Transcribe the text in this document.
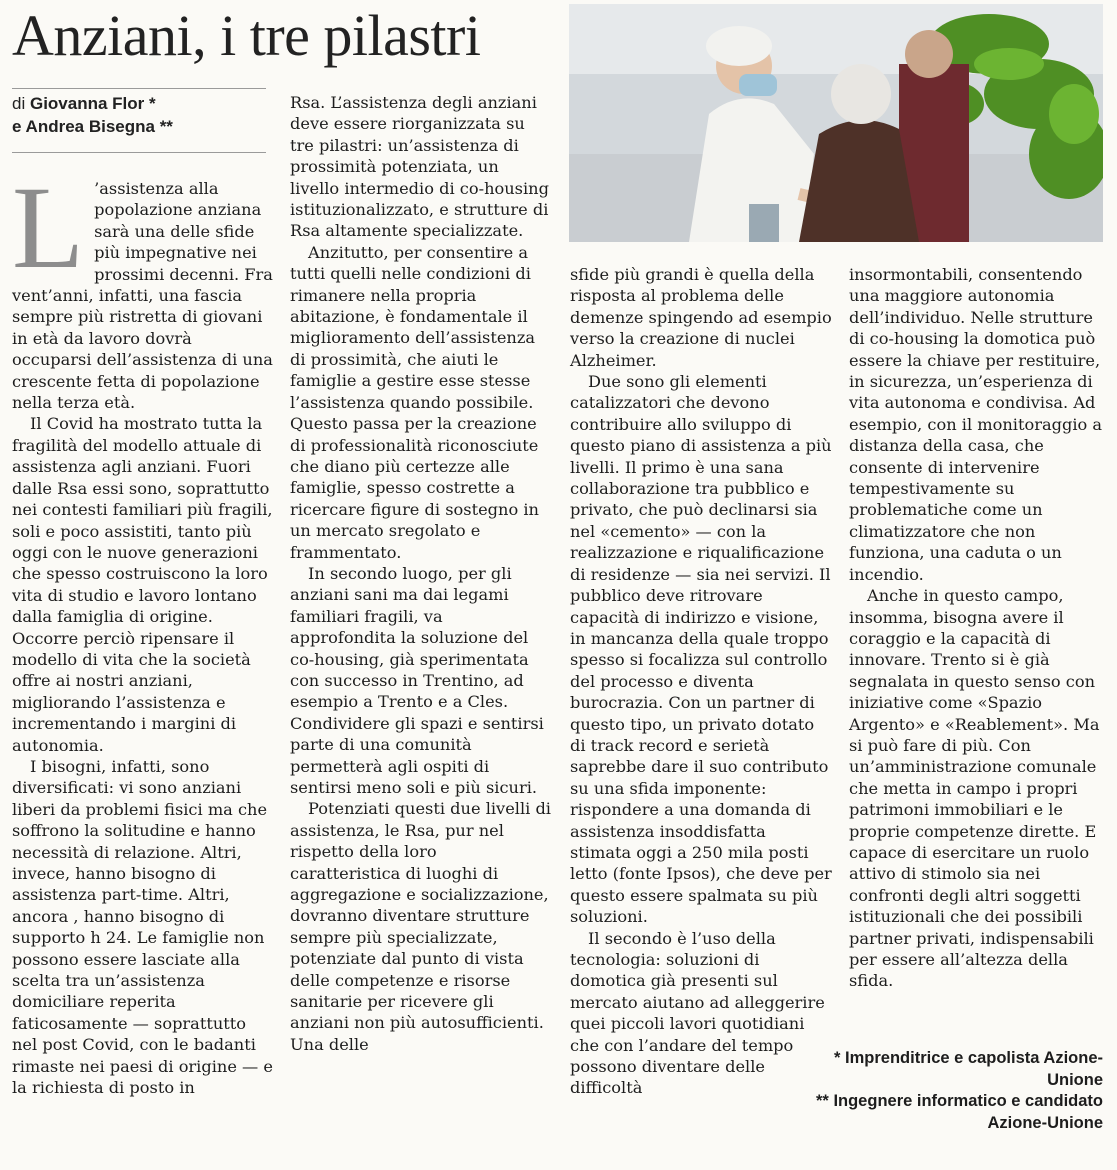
Anziani, i tre pilastri
di Giovanna Flor *
e Andrea Bisegna **
L ’assistenza alla popolazione anziana sarà una delle sfide più impegnative nei prossimi decenni. Fra vent’anni, infatti, una fascia sempre più ristretta di giovani in età da lavoro dovrà occuparsi dell’assistenza di una crescente fetta di popolazione nella terza età.

Il Covid ha mostrato tutta la fragilità del modello attuale di assistenza agli anziani. Fuori dalle Rsa essi sono, soprattutto nei contesti familiari più fragili, soli e poco assistiti, tanto più oggi con le nuove generazioni che spesso costruiscono la loro vita di studio e lavoro lontano dalla famiglia di origine. Occorre perciò ripensare il modello di vita che la società offre ai nostri anziani, migliorando l’assistenza e incrementando i margini di autonomia.

I bisogni, infatti, sono diversificati: vi sono anziani liberi da problemi fisici ma che soffrono la solitudine e hanno necessità di relazione. Altri, invece, hanno bisogno di assistenza part-time. Altri, ancora , hanno bisogno di supporto h 24. Le famiglie non possono essere lasciate alla scelta tra un’assistenza domiciliare reperita faticosamente — soprattutto nel post Covid, con le badanti rimaste nei paesi di origine — e la richiesta di posto in

Rsa. L’assistenza degli anziani deve essere riorganizzata su tre pilastri: un’assistenza di prossimità potenziata, un livello intermedio di co-housing istituzionalizzato, e strutture di Rsa altamente specializzate.

Anzitutto, per consentire a tutti quelli nelle condizioni di rimanere nella propria abitazione, è fondamentale il miglioramento dell’assistenza di prossimità, che aiuti le famiglie a gestire esse stesse l’assistenza quando possibile. Questo passa per la creazione di professionalità riconosciute che diano più certezze alle famiglie, spesso costrette a ricercare figure di sostegno in un mercato sregolato e frammentato.

In secondo luogo, per gli anziani sani ma dai legami familiari fragili, va approfondita la soluzione del co-housing, già sperimentata con successo in Trentino, ad esempio a Trento e a Cles. Condividere gli spazi e sentirsi parte di una comunità permetterà agli ospiti di sentirsi meno soli e più sicuri.

Potenziati questi due livelli di assistenza, le Rsa, pur nel rispetto della loro caratteristica di luoghi di aggregazione e socializzazione, dovranno diventare strutture sempre più specializzate, potenziate dal punto di vista delle competenze e risorse sanitarie per ricevere gli anziani non più autosufficienti. Una delle

sfide più grandi è quella della risposta al problema delle demenze spingendo ad esempio verso la creazione di nuclei Alzheimer.

Due sono gli elementi catalizzatori che devono contribuire allo sviluppo di questo piano di assistenza a più livelli. Il primo è una sana collaborazione tra pubblico e privato, che può declinarsi sia nel «cemento» — con la realizzazione e riqualificazione di residenze — sia nei servizi. Il pubblico deve ritrovare capacità di indirizzo e visione, in mancanza della quale troppo spesso si focalizza sul controllo del processo e diventa burocrazia. Con un partner di questo tipo, un privato dotato di track record e serietà saprebbe dare il suo contributo su una sfida imponente: rispondere a una domanda di assistenza insoddisfatta stimata oggi a 250 mila posti letto (fonte Ipsos), che deve per questo essere spalmata su più soluzioni.

Il secondo è l’uso della tecnologia: soluzioni di domotica già presenti sul mercato aiutano ad alleggerire quei piccoli lavori quotidiani che con l’andare del tempo possono diventare delle difficoltà

insormontabili, consentendo una maggiore autonomia dell’individuo. Nelle strutture di co-housing la domotica può essere la chiave per restituire, in sicurezza, un’esperienza di vita autonoma e condivisa. Ad esempio, con il monitoraggio a distanza della casa, che consente di intervenire tempestivamente su problematiche come un climatizzatore che non funziona, una caduta o un incendio.

Anche in questo campo, insomma, bisogna avere il coraggio e la capacità di innovare. Trento si è già segnalata in questo senso con iniziative come «Spazio Argento» e «Reablement». Ma si può fare di più. Con un’amministrazione comunale che metta in campo i propri patrimoni immobiliari e le proprie competenze dirette. E capace di esercitare un ruolo attivo di stimolo sia nei confronti degli altri soggetti istituzionali che dei possibili partner privati, indispensabili per essere all’altezza della sfida.

* Imprenditrice e capolista Azione-Unione
** Ingegnere informatico e candidato Azione-Unione
